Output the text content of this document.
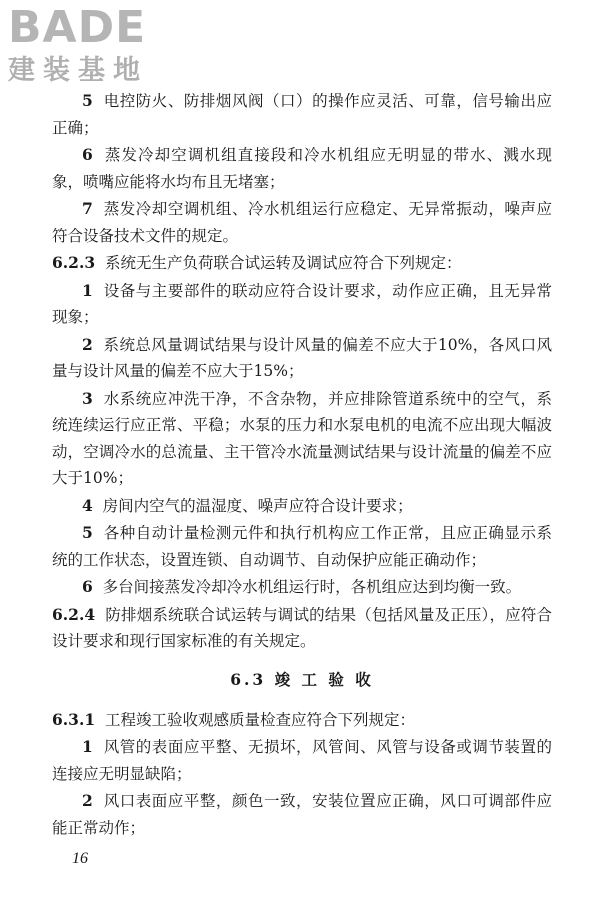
BADE
建装基地

5 电控防火、防排烟风阀（口）的操作应灵活、可靠，信号输出应正确；

6 蒸发冷却空调机组直接段和冷水机组应无明显的带水、溅水现象，喷嘴应能将水均布且无堵塞；

7 蒸发冷却空调机组、冷水机组运行应稳定、无异常振动，噪声应符合设备技术文件的规定。

6.2.3 系统无生产负荷联合试运转及调试应符合下列规定：

1 设备与主要部件的联动应符合设计要求，动作应正确，且无异常现象；

2 系统总风量调试结果与设计风量的偏差不应大于10%，各风口风量与设计风量的偏差不应大于15%；

3 水系统应冲洗干净，不含杂物，并应排除管道系统中的空气，系统连续运行应正常、平稳；水泵的压力和水泵电机的电流不应出现大幅波动，空调冷水的总流量、主干管冷水流量测试结果与设计流量的偏差不应大于10%；

4 房间内空气的温湿度、噪声应符合设计要求；

5 各种自动计量检测元件和执行机构应工作正常，且应正确显示系统的工作状态，设置连锁、自动调节、自动保护应能正确动作；

6 多台间接蒸发冷却冷水机组运行时，各机组应达到均衡一致。

6.2.4 防排烟系统联合试运转与调试的结果（包括风量及正压），应符合设计要求和现行国家标准的有关规定。

6.3 竣 工 验 收

6.3.1 工程竣工验收观感质量检查应符合下列规定：

1 风管的表面应平整、无损坏，风管间、风管与设备或调节装置的连接应无明显缺陷；

2 风口表面应平整，颜色一致，安装位置应正确，风口可调部件应能正常动作；

16
